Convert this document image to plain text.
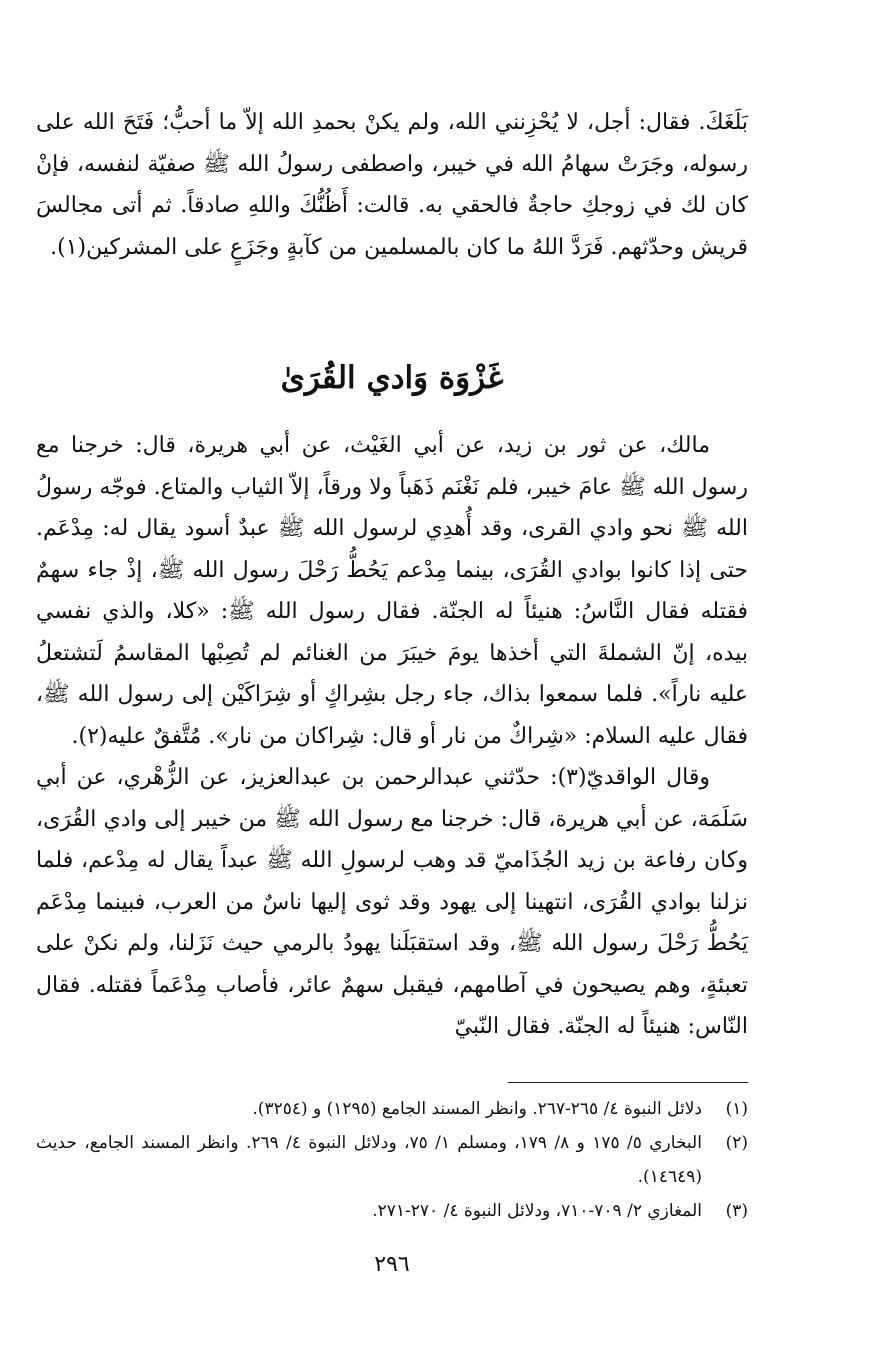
بَلَغَكَ. فقال: أجل، لا يُحْزِنني الله، ولم يكنْ بحمدِ الله إلاّ ما أحبُّ؛ فَتَحَ الله على رسوله، وجَرَتْ سهامُ الله في خيبر، واصطفى رسولُ الله ﷺ صفيّة لنفسه، فإنْ كان لك في زوجكِ حاجةٌ فالحقي به. قالت: أَظُنُّكَ واللهِ صادقاً. ثم أتى مجالسَ قريش وحدّثهم. فَرَدَّ اللهُ ما كان بالمسلمين من كآبةٍ وجَزَعٍ على المشركين(١).

غَزْوَة وَادي القُرَىٰ

مالك، عن ثور بن زيد، عن أبي الغَيْث، عن أبي هريرة، قال: خرجنا مع رسول الله ﷺ عامَ خيبر، فلم نَغْنَم ذَهَباً ولا ورقاً، إلاّ الثياب والمتاع. فوجّه رسولُ الله ﷺ نحو وادي القرى، وقد أُهدِي لرسول الله ﷺ عبدٌ أسود يقال له: مِدْعَم. حتى إذا كانوا بوادي القُرَى، بينما مِدْعم يَحُطُّ رَحْلَ رسول الله ﷺ، إذْ جاء سهمٌ فقتله فقال النَّاسُ: هنيئاً له الجنّة. فقال رسول الله ﷺ: «كلا، والذي نفسي بيده، إنّ الشملةَ التي أخذها يومَ خيبَرَ من الغنائم لم تُصِبْها المقاسمُ لَتشتعلُ عليه ناراً». فلما سمعوا بذاك، جاء رجل بشِراكٍ أو شِرَاكَيْن إلى رسول الله ﷺ، فقال عليه السلام: «شِراكٌ من نار أو قال: شِراكان من نار». مُتَّفقٌ عليه(٢).

وقال الواقديّ(٣): حدّثني عبدالرحمن بن عبدالعزيز، عن الزُّهْري، عن أبي سَلَمَة، عن أبي هريرة، قال: خرجنا مع رسول الله ﷺ من خيبر إلى وادي القُرَى، وكان رفاعة بن زيد الجُذَاميّ قد وهب لرسولِ الله ﷺ عبداً يقال له مِدْعم، فلما نزلنا بوادي القُرَى، انتهينا إلى يهود وقد ثوى إليها ناسٌ من العرب، فبينما مِدْعَم يَحُطُّ رَحْلَ رسول الله ﷺ، وقد استقبَلَنا يهودُ بالرمي حيث نَزَلنا، ولم نكنْ على تعبئةٍ، وهم يصيحون في آطامهم، فيقبل سهمٌ عائر، فأصاب مِدْعَماً فقتله. فقال النّاس: هنيئاً له الجنّة. فقال النّبيّ

(١)
دلائل النبوة ٤/ ٢٦٥-٢٦٧. وانظر المسند الجامع (١٢٩٥) و (٣٢٥٤).
(٢)
البخاري ٥/ ١٧٥ و ٨/ ١٧٩، ومسلم ١/ ٧٥، ودلائل النبوة ٤/ ٢٦٩. وانظر المسند الجامع، حديث (١٤٦٤٩).
(٣)
المغازي ٢/ ٧٠٩-٧١٠، ودلائل النبوة ٤/ ٢٧٠-٢٧١.
٢٩٦
